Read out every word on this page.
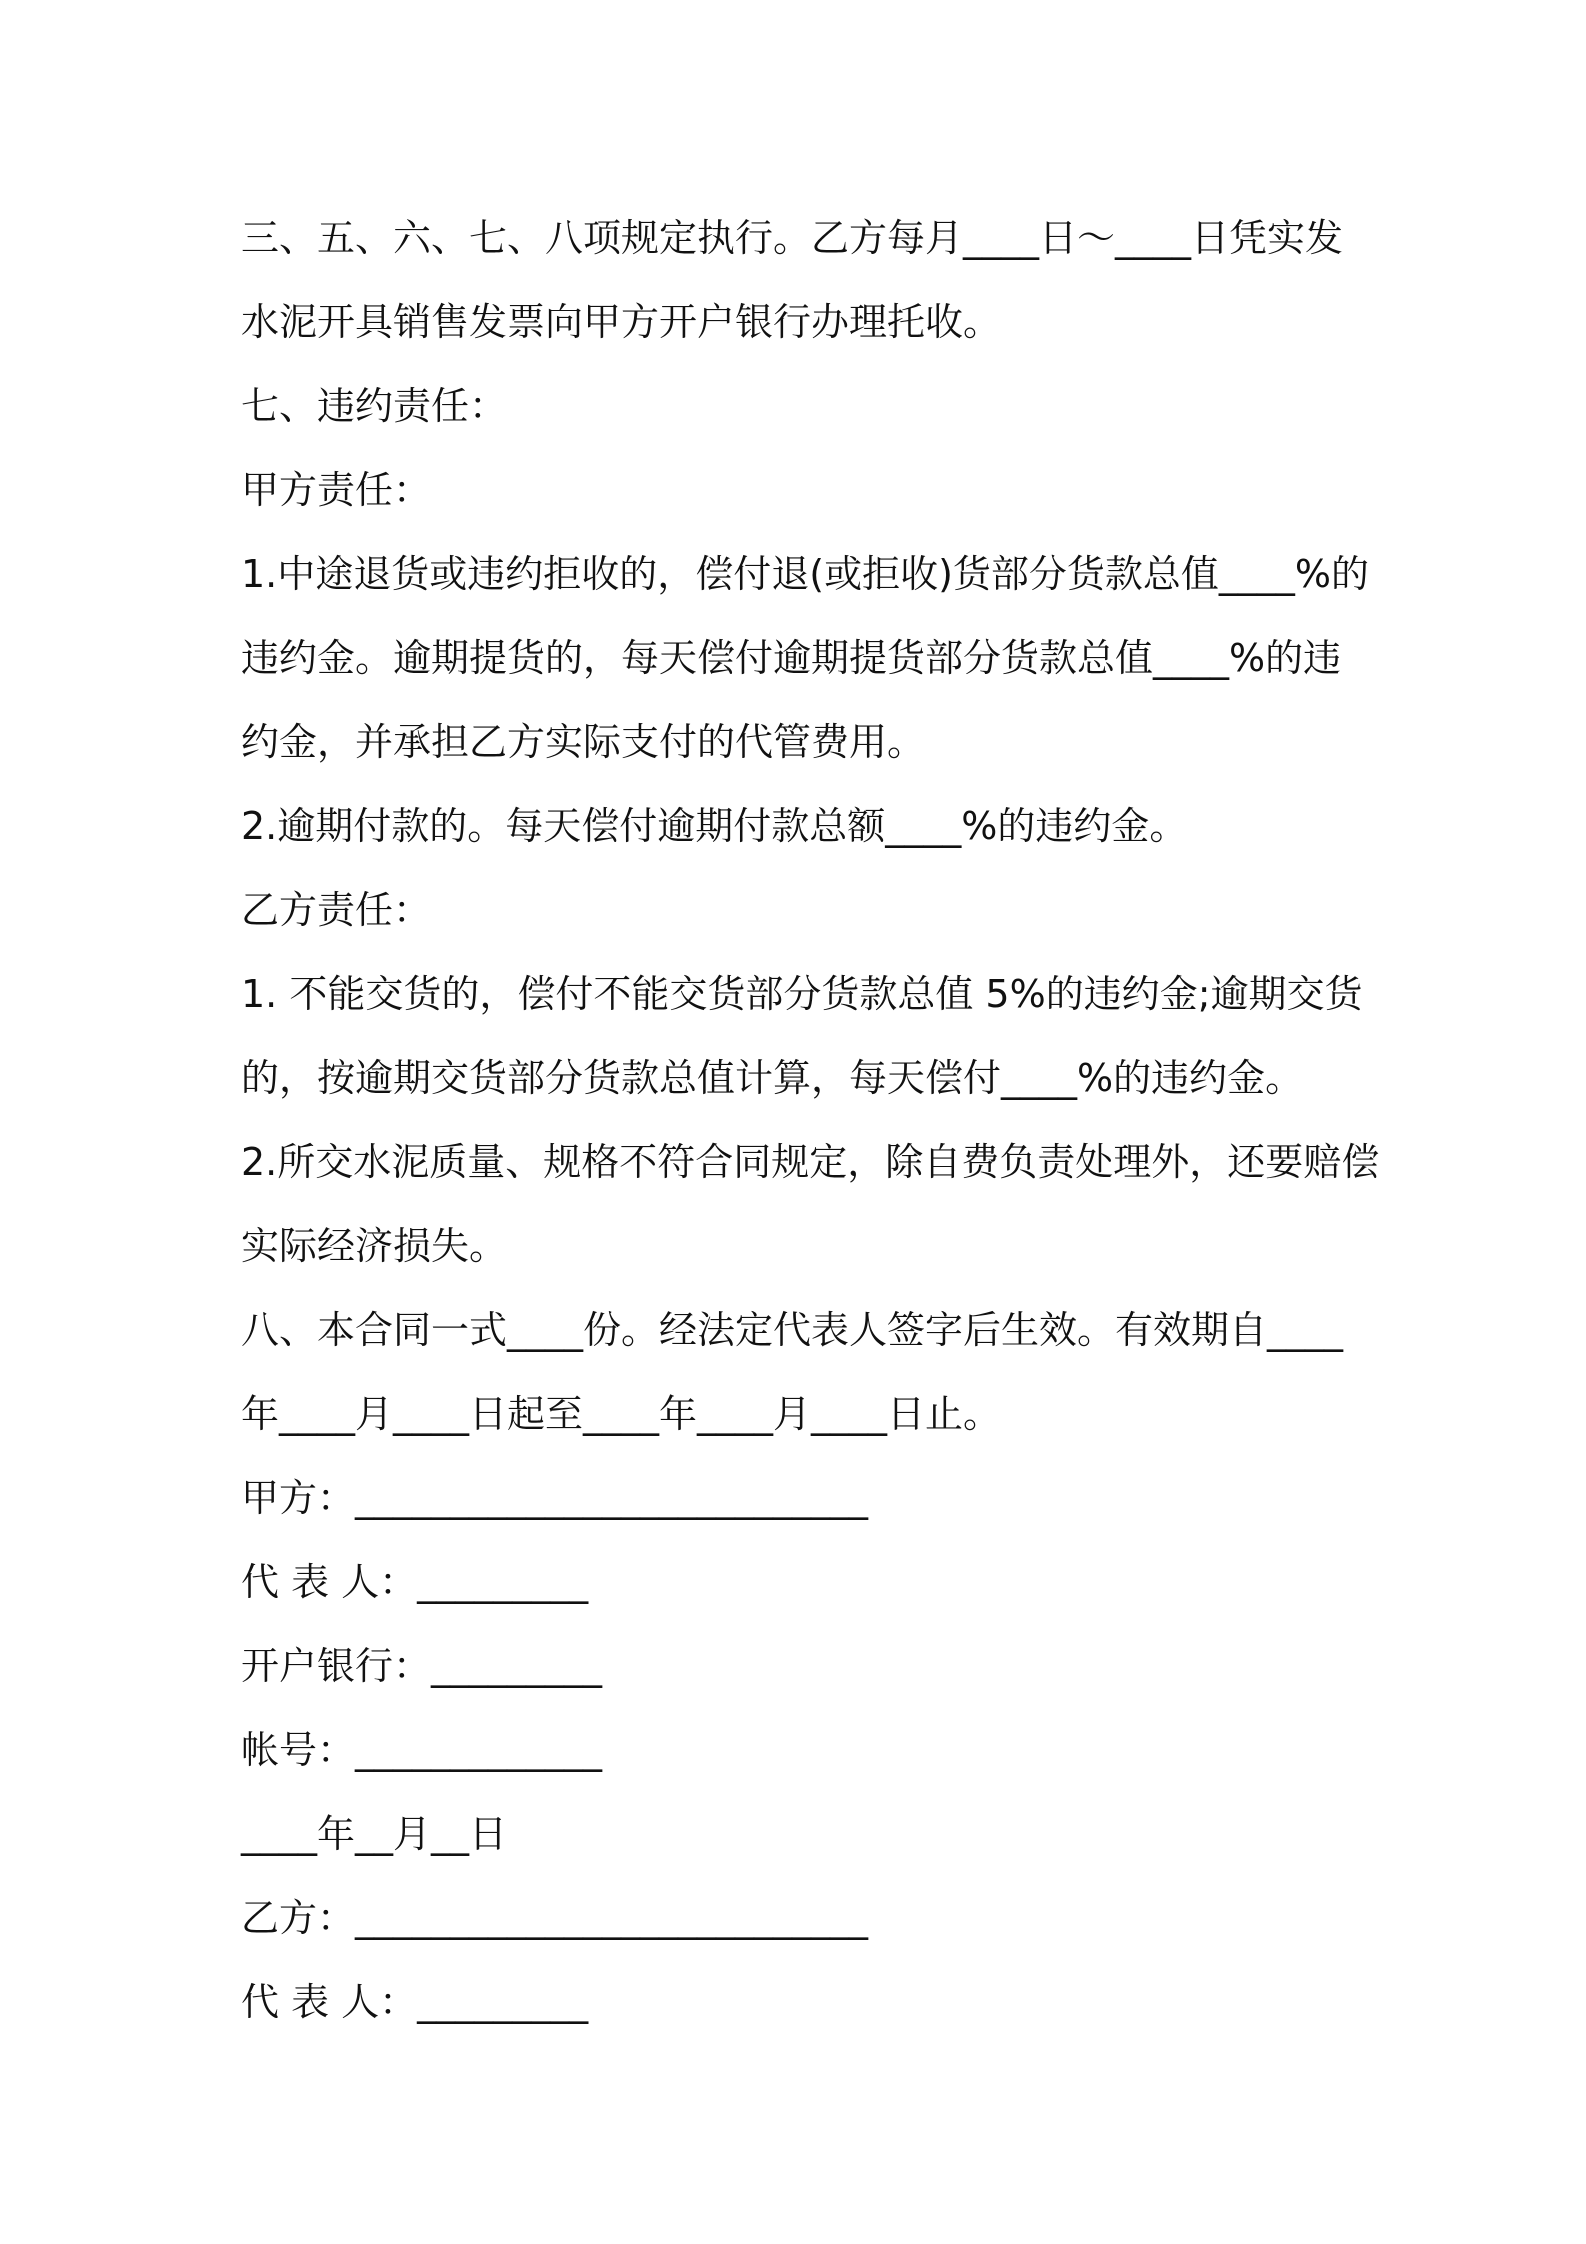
三、五、六、七、八项规定执行。乙方每月____日～____日凭实发
水泥开具销售发票向甲方开户银行办理托收。
七、违约责任：
甲方责任：
1.中途退货或违约拒收的，偿付退(或拒收)货部分货款总值____%的
违约金。逾期提货的，每天偿付逾期提货部分货款总值____%的违
约金，并承担乙方实际支付的代管费用。
2.逾期付款的。每天偿付逾期付款总额____%的违约金。
乙方责任：
1. 不能交货的，偿付不能交货部分货款总值 5%的违约金;逾期交货
的，按逾期交货部分货款总值计算，每天偿付____%的违约金。
2.所交水泥质量、规格不符合同规定，除自费负责处理外，还要赔偿
实际经济损失。
八、本合同一式____份。经法定代表人签字后生效。有效期自____
年____月____日起至____年____月____日止。
甲方：___________________________
代 表 人：_________
开户银行：_________
帐号：_____________
____年__月__日
乙方：___________________________
代 表 人：_________
